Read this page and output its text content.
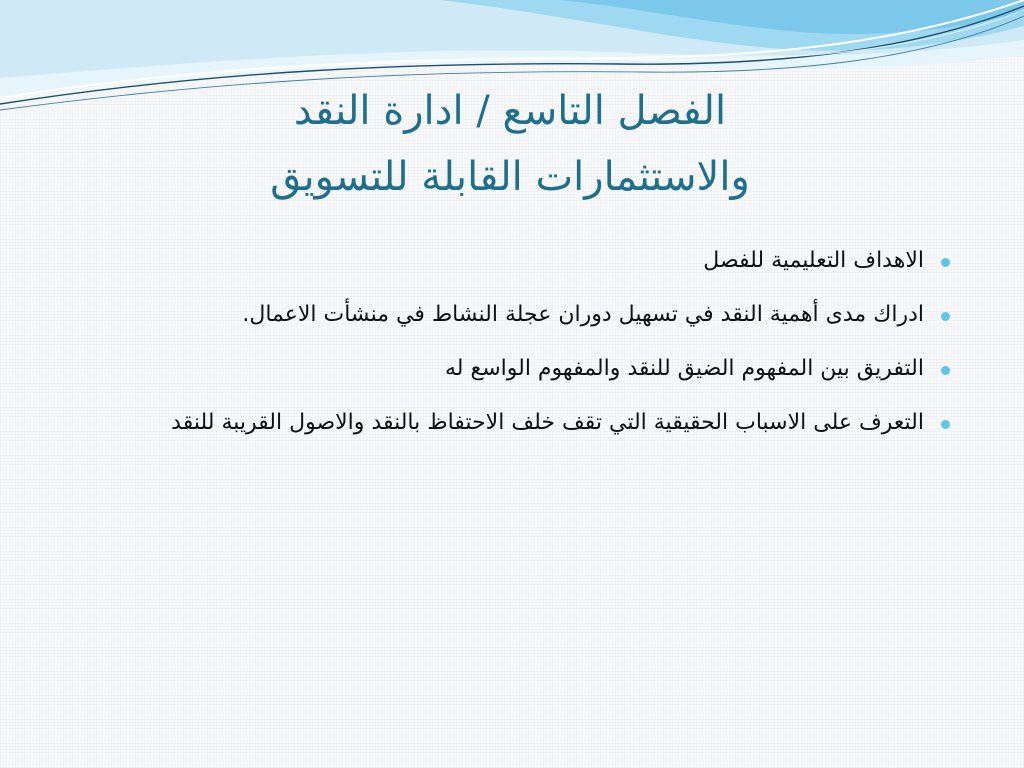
الفصل التاسع / ادارة النقد
والاستثمارات القابلة للتسويق
الاهداف التعليمية للفصل
ادراك مدى أهمية النقد في تسهيل دوران عجلة النشاط في منشأت الاعمال.
التفريق بين المفهوم الضيق للنقد والمفهوم الواسع له
التعرف على الاسباب الحقيقية التي تقف خلف الاحتفاظ بالنقد والاصول القريبة للنقد
